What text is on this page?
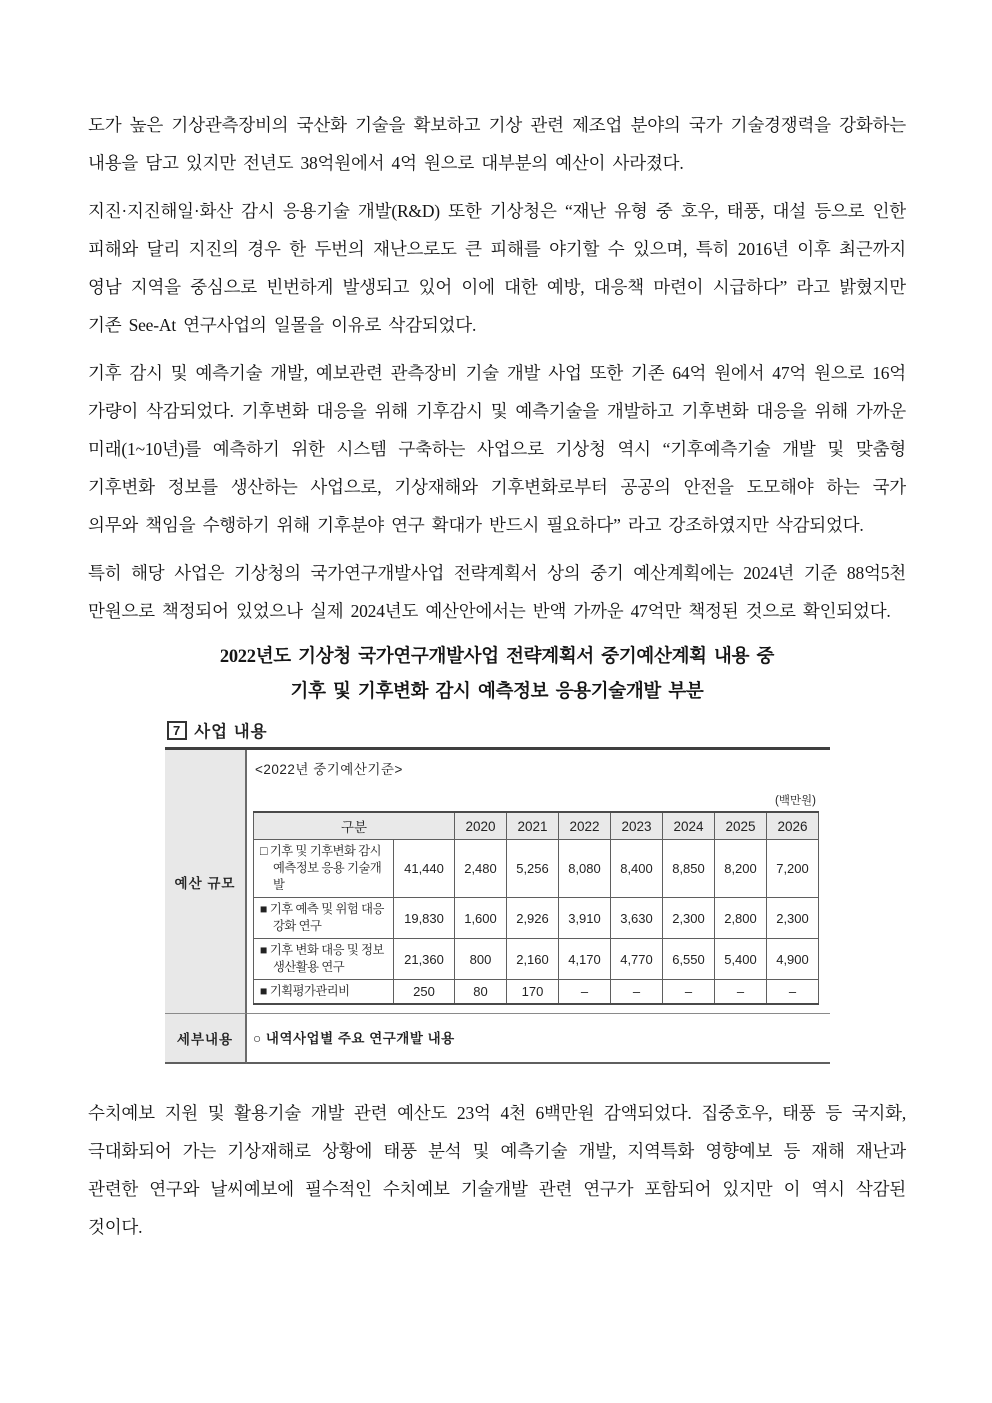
도가 높은 기상관측장비의 국산화 기술을 확보하고 기상 관련 제조업 분야의 국가 기술경쟁력을 강화하는 내용을 담고 있지만 전년도 38억원에서 4억 원으로 대부분의 예산이 사라졌다.

지진·지진해일·화산 감시 응용기술 개발(R&D) 또한 기상청은 “재난 유형 중 호우, 태풍, 대설 등으로 인한 피해와 달리 지진의 경우 한 두번의 재난으로도 큰 피해를 야기할 수 있으며, 특히 2016년 이후 최근까지 영남 지역을 중심으로 빈번하게 발생되고 있어 이에 대한 예방, 대응책 마련이 시급하다” 라고 밝혔지만 기존 See-At 연구사업의 일몰을 이유로 삭감되었다.

기후 감시 및 예측기술 개발, 예보관련 관측장비 기술 개발 사업 또한 기존 64억 원에서 47억 원으로 16억 가량이 삭감되었다. 기후변화 대응을 위해 기후감시 및 예측기술을 개발하고 기후변화 대응을 위해 가까운 미래(1~10년)를 예측하기 위한 시스템 구축하는 사업으로 기상청 역시 “기후예측기술 개발 및 맞춤형 기후변화 정보를 생산하는 사업으로, 기상재해와 기후변화로부터 공공의 안전을 도모해야 하는 국가 의무와 책임을 수행하기 위해 기후분야 연구 확대가 반드시 필요하다” 라고 강조하였지만 삭감되었다.

특히 해당 사업은 기상청의 국가연구개발사업 전략계획서 상의 중기 예산계획에는 2024년 기준 88억5천 만원으로 책정되어 있었으나 실제 2024년도 예산안에서는 반액 가까운 47억만 책정된 것으로 확인되었다.

2022년도 기상청 국가연구개발사업 전략계획서 중기예산계획 내용 중
기후 및 기후변화 감시 예측정보 응용기술개발 부분
7 사업 내용
예산 규모
<2022년 중기예산기준>
(백만원)
구분		2020	2021	2022	2023	2024	2025	2026
□ 기후 및 기후변화 감시예측정보 응용 기술개발	41,440	2,480	5,256	8,080	8,400	8,850	8,200	7,200
■ 기후 예측 및 위험 대응 강화 연구	19,830	1,600	2,926	3,910	3,630	2,300	2,800	2,300
■ 기후 변화 대응 및 정보 생산활용 연구	21,360	800	2,160	4,170	4,770	6,550	5,400	4,900
■ 기획평가관리비	250	80	170	–	–	–	–	–
세부내용 ○ 내역사업별 주요 연구개발 내용

수치예보 지원 및 활용기술 개발 관련 예산도 23억 4천 6백만원 감액되었다. 집중호우, 태풍 등 국지화, 극대화되어 가는 기상재해로 상황에 태풍 분석 및 예측기술 개발, 지역특화 영향예보 등 재해 재난과 관련한 연구와 날씨예보에 필수적인 수치예보 기술개발 관련 연구가 포함되어 있지만 이 역시 삭감된 것이다.
